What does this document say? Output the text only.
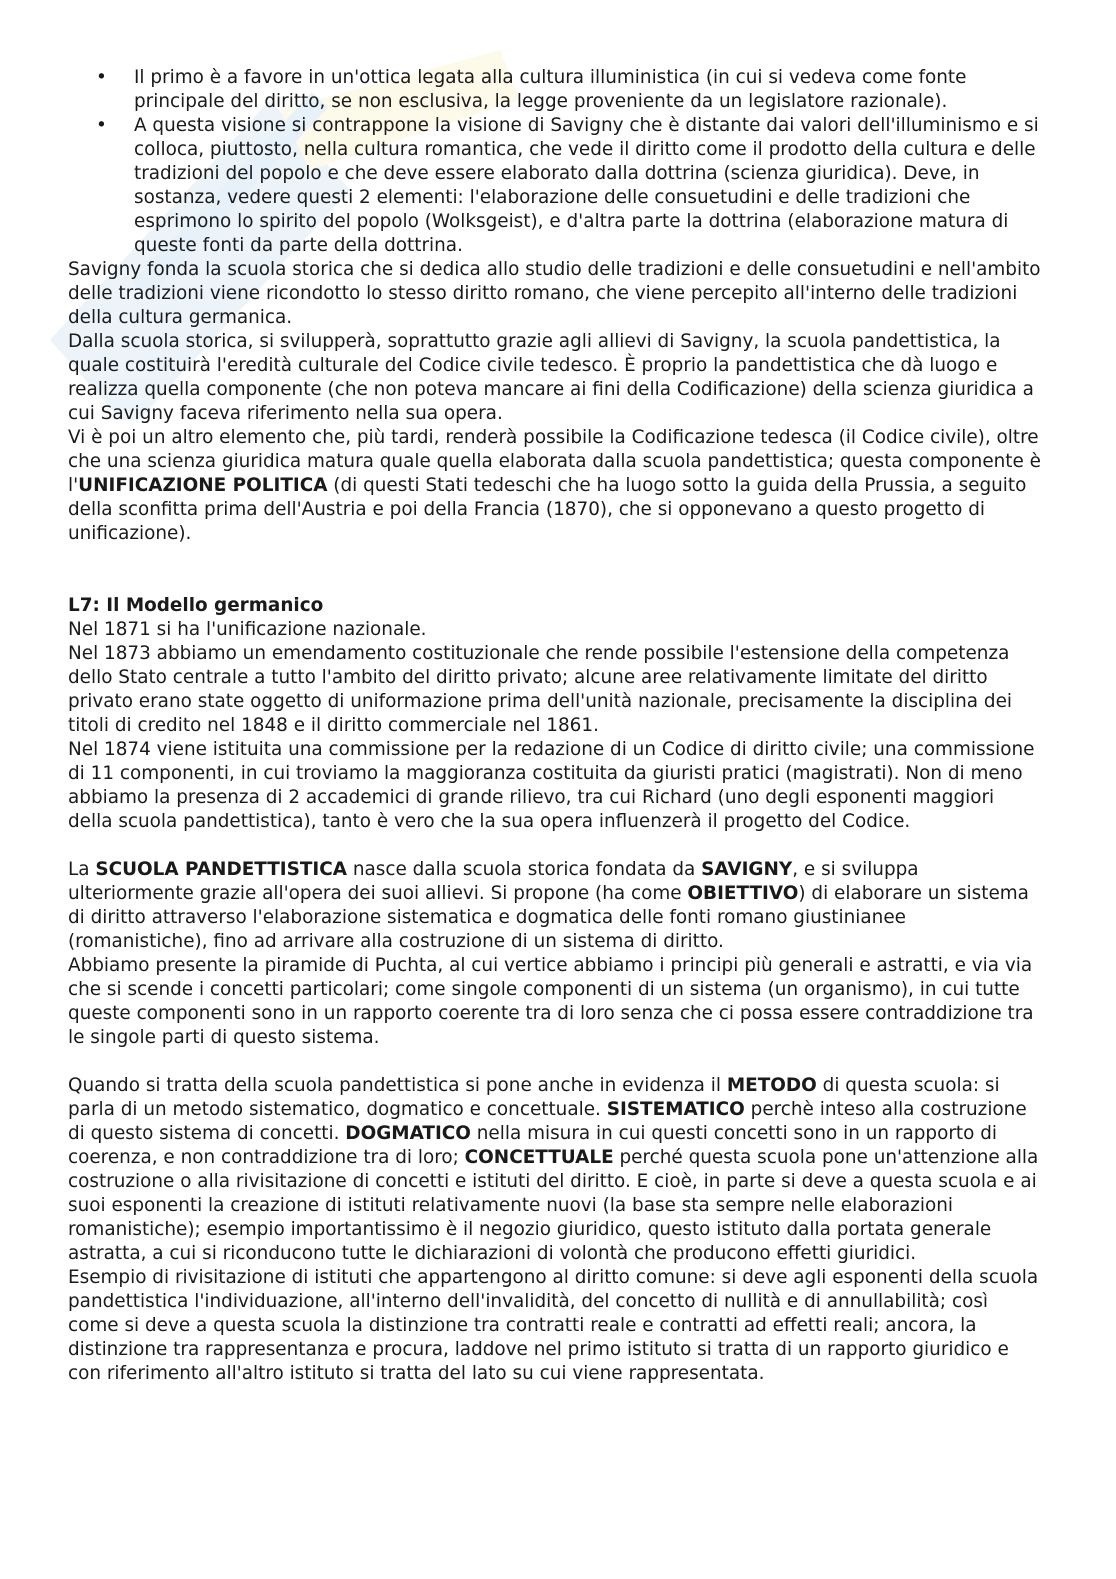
• Il primo è a favore in un'ottica legata alla cultura illuministica (in cui si vedeva come fonte principale del diritto, se non esclusiva, la legge proveniente da un legislatore razionale).
• A questa visione si contrappone la visione di Savigny che è distante dai valori dell'illuminismo e si colloca, piuttosto, nella cultura romantica, che vede il diritto come il prodotto della cultura e delle tradizioni del popolo e che deve essere elaborato dalla dottrina (scienza giuridica). Deve, in sostanza, vedere questi 2 elementi: l'elaborazione delle consuetudini e delle tradizioni che esprimono lo spirito del popolo (Wolksgeist), e d'altra parte la dottrina (elaborazione matura di queste fonti da parte della dottrina.

Savigny fonda la scuola storica che si dedica allo studio delle tradizioni e delle consuetudini e nell'ambito delle tradizioni viene ricondotto lo stesso diritto romano, che viene percepito all'interno delle tradizioni della cultura germanica.

Dalla scuola storica, si svilupperà, soprattutto grazie agli allievi di Savigny, la scuola pandettistica, la quale costituirà l'eredità culturale del Codice civile tedesco. È proprio la pandettistica che dà luogo e realizza quella componente (che non poteva mancare ai fini della Codificazione) della scienza giuridica a cui Savigny faceva riferimento nella sua opera.

Vi è poi un altro elemento che, più tardi, renderà possibile la Codificazione tedesca (il Codice civile), oltre che una scienza giuridica matura quale quella elaborata dalla scuola pandettistica; questa componente è l'UNIFICAZIONE POLITICA (di questi Stati tedeschi che ha luogo sotto la guida della Prussia, a seguito della sconfitta prima dell'Austria e poi della Francia (1870), che si opponevano a questo progetto di unificazione).

L7: Il Modello germanico

Nel 1871 si ha l'unificazione nazionale.

Nel 1873 abbiamo un emendamento costituzionale che rende possibile l'estensione della competenza dello Stato centrale a tutto l'ambito del diritto privato; alcune aree relativamente limitate del diritto privato erano state oggetto di uniformazione prima dell'unità nazionale, precisamente la disciplina dei titoli di credito nel 1848 e il diritto commerciale nel 1861.

Nel 1874 viene istituita una commissione per la redazione di un Codice di diritto civile; una commissione di 11 componenti, in cui troviamo la maggioranza costituita da giuristi pratici (magistrati). Non di meno abbiamo la presenza di 2 accademici di grande rilievo, tra cui Richard (uno degli esponenti maggiori della scuola pandettistica), tanto è vero che la sua opera influenzerà il progetto del Codice.

La SCUOLA PANDETTISTICA nasce dalla scuola storica fondata da SAVIGNY, e si sviluppa ulteriormente grazie all'opera dei suoi allievi. Si propone (ha come OBIETTIVO) di elaborare un sistema di diritto attraverso l'elaborazione sistematica e dogmatica delle fonti romano giustinianee (romanistiche), fino ad arrivare alla costruzione di un sistema di diritto.

Abbiamo presente la piramide di Puchta, al cui vertice abbiamo i principi più generali e astratti, e via via che si scende i concetti particolari; come singole componenti di un sistema (un organismo), in cui tutte queste componenti sono in un rapporto coerente tra di loro senza che ci possa essere contraddizione tra le singole parti di questo sistema.

Quando si tratta della scuola pandettistica si pone anche in evidenza il METODO di questa scuola: si parla di un metodo sistematico, dogmatico e concettuale. SISTEMATICO perchè inteso alla costruzione di questo sistema di concetti. DOGMATICO nella misura in cui questi concetti sono in un rapporto di coerenza, e non contraddizione tra di loro; CONCETTUALE perché questa scuola pone un'attenzione alla costruzione o alla rivisitazione di concetti e istituti del diritto. E cioè, in parte si deve a questa scuola e ai suoi esponenti la creazione di istituti relativamente nuovi (la base sta sempre nelle elaborazioni romanistiche); esempio importantissimo è il negozio giuridico, questo istituto dalla portata generale astratta, a cui si riconducono tutte le dichiarazioni di volontà che producono effetti giuridici.

Esempio di rivisitazione di istituti che appartengono al diritto comune: si deve agli esponenti della scuola pandettistica l'individuazione, all'interno dell'invalidità, del concetto di nullità e di annullabilità; così come si deve a questa scuola la distinzione tra contratti reale e contratti ad effetti reali; ancora, la distinzione tra rappresentanza e procura, laddove nel primo istituto si tratta di un rapporto giuridico e con riferimento all'altro istituto si tratta del lato su cui viene rappresentata.
